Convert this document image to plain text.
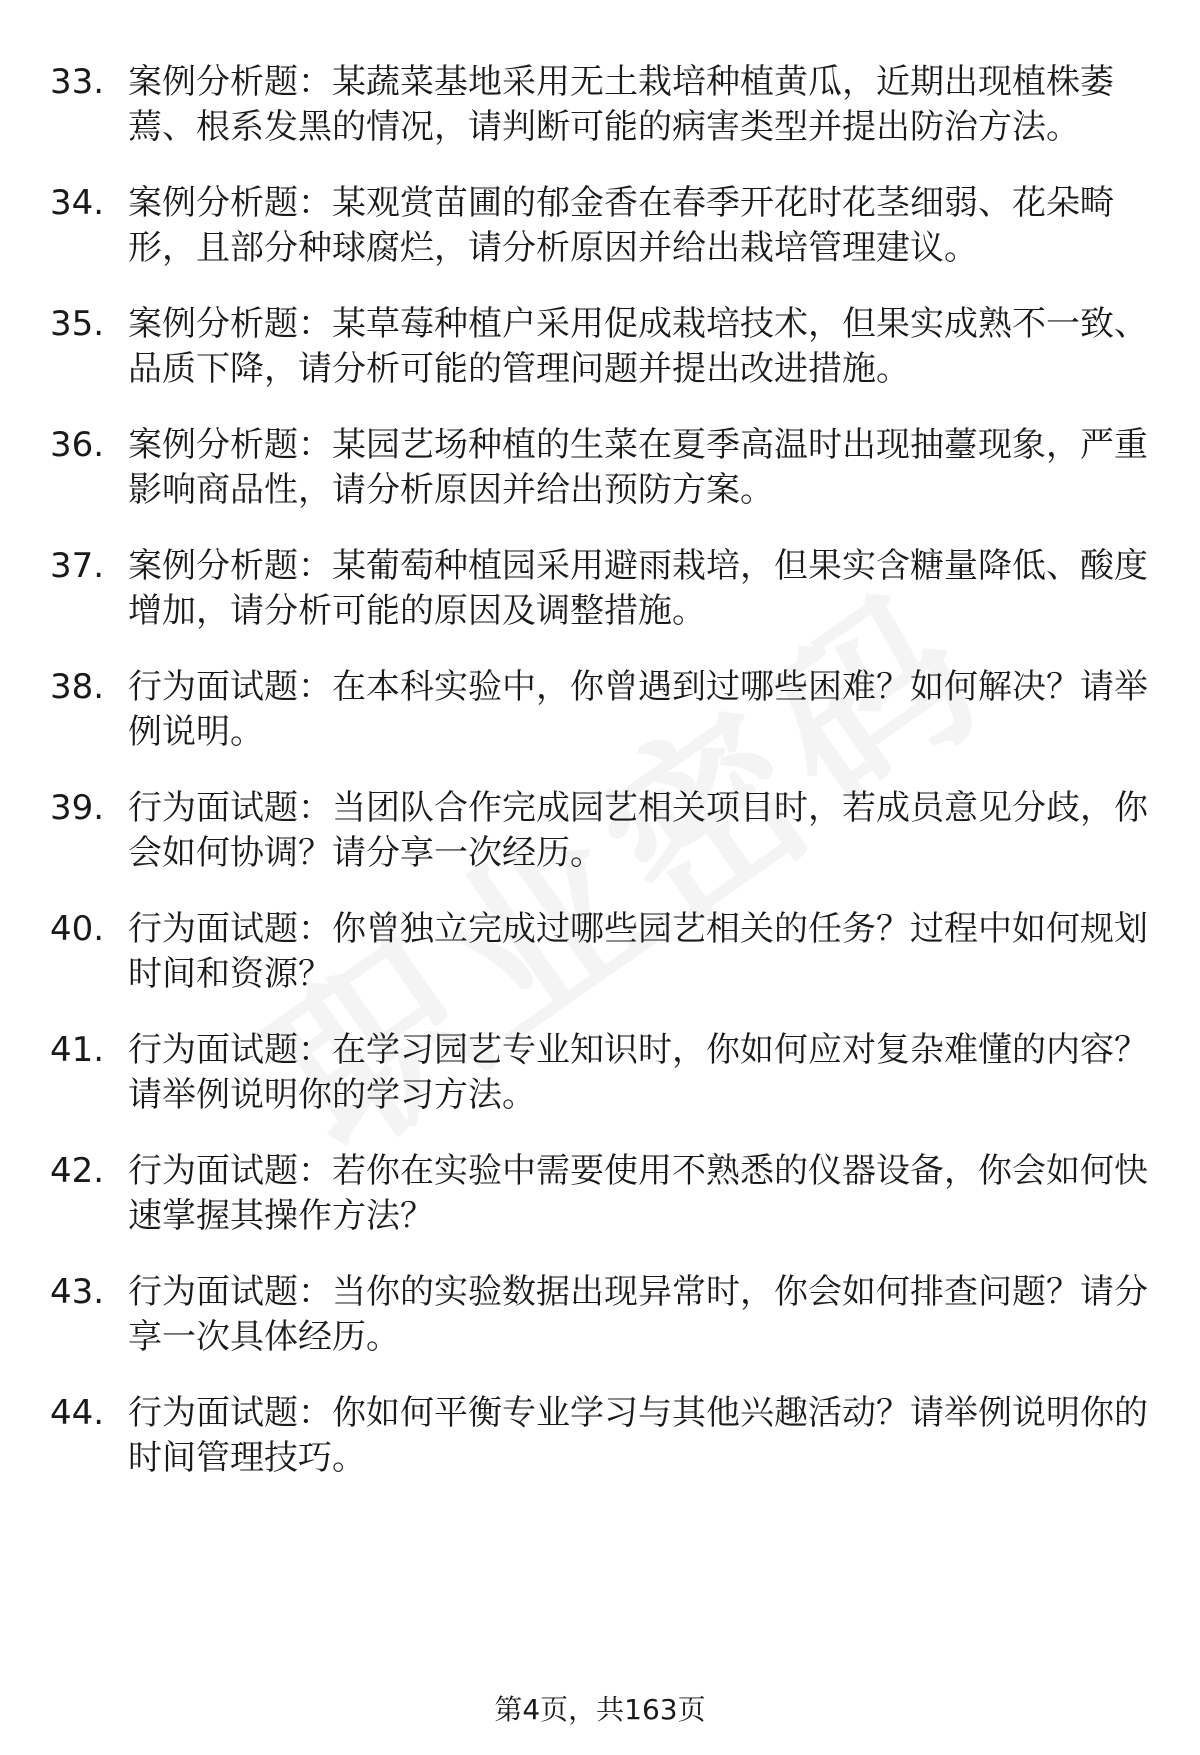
33. 案例分析题：某蔬菜基地采用无土栽培种植黄瓜，近期出现植株萎蔫、根系发黑的情况，请判断可能的病害类型并提出防治方法。
34. 案例分析题：某观赏苗圃的郁金香在春季开花时花茎细弱、花朵畸形，且部分种球腐烂，请分析原因并给出栽培管理建议。
35. 案例分析题：某草莓种植户采用促成栽培技术，但果实成熟不一致、品质下降，请分析可能的管理问题并提出改进措施。
36. 案例分析题：某园艺场种植的生菜在夏季高温时出现抽薹现象，严重影响商品性，请分析原因并给出预防方案。
37. 案例分析题：某葡萄种植园采用避雨栽培，但果实含糖量降低、酸度增加，请分析可能的原因及调整措施。
38. 行为面试题：在本科实验中，你曾遇到过哪些困难？如何解决？请举例说明。
39. 行为面试题：当团队合作完成园艺相关项目时，若成员意见分歧，你会如何协调？请分享一次经历。
40. 行为面试题：你曾独立完成过哪些园艺相关的任务？过程中如何规划时间和资源？
41. 行为面试题：在学习园艺专业知识时，你如何应对复杂难懂的内容？请举例说明你的学习方法。
42. 行为面试题：若你在实验中需要使用不熟悉的仪器设备，你会如何快速掌握其操作方法？
43. 行为面试题：当你的实验数据出现异常时，你会如何排查问题？请分享一次具体经历。
44. 行为面试题：你如何平衡专业学习与其他兴趣活动？请举例说明你的时间管理技巧。
第4页，共163页
